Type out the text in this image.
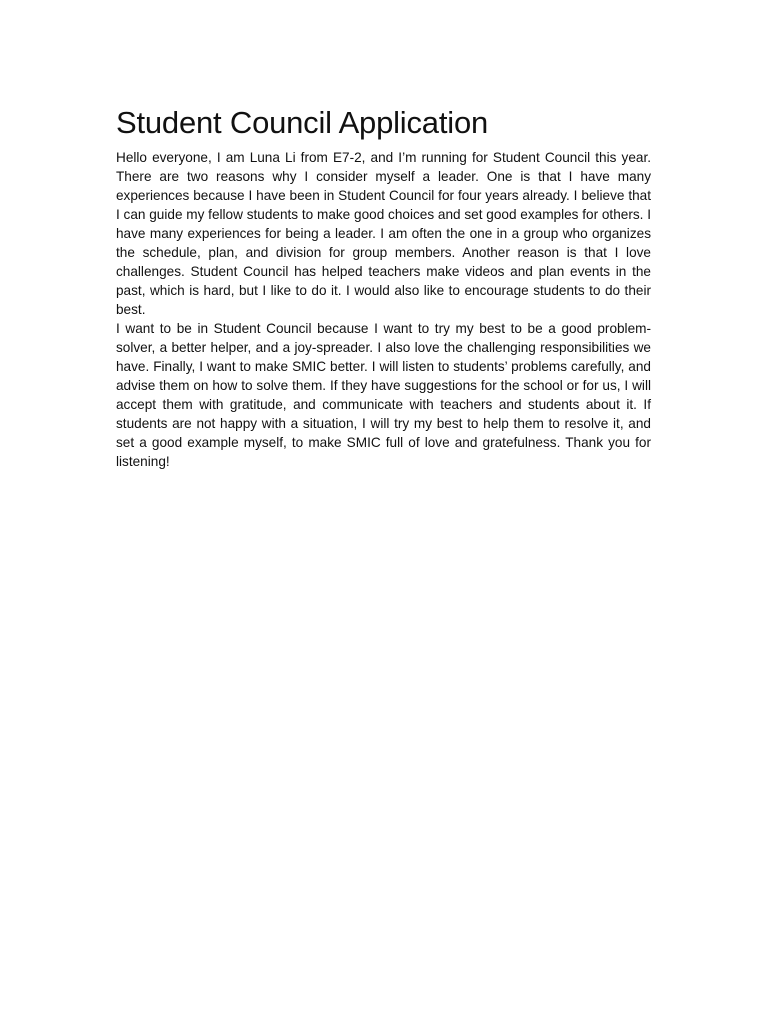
Student Council Application

Hello everyone, I am Luna Li from E7-2, and I’m running for Student Council this year. There are two reasons why I consider myself a leader. One is that I have many experiences because I have been in Student Council for four years already. I believe that I can guide my fellow students to make good choices and set good examples for others. I have many experiences for being a leader. I am often the one in a group who organizes the schedule, plan, and division for group members. Another reason is that I love challenges. Student Council has helped teachers make videos and plan events in the past, which is hard, but I like to do it. I would also like to encourage students to do their best.

I want to be in Student Council because I want to try my best to be a good problem-solver, a better helper, and a joy-spreader. I also love the challenging responsibilities we have. Finally, I want to make SMIC better. I will listen to students’ problems carefully, and advise them on how to solve them. If they have suggestions for the school or for us, I will accept them with gratitude, and communicate with teachers and students about it. If students are not happy with a situation, I will try my best to help them to resolve it, and set a good example myself, to make SMIC full of love and gratefulness. Thank you for listening!
